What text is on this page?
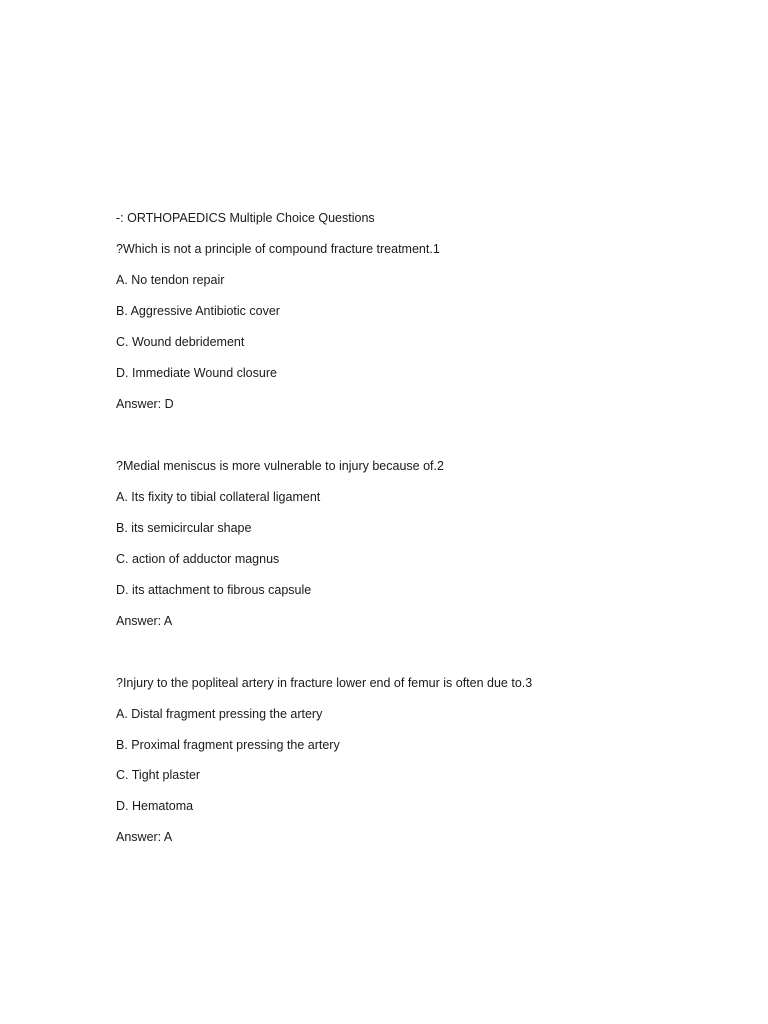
-: ORTHOPAEDICS Multiple Choice Questions
?Which is not a principle of compound fracture treatment.1
A. No tendon repair
B. Aggressive Antibiotic cover
C. Wound debridement
D. Immediate Wound closure
Answer: D
?Medial meniscus is more vulnerable to injury because of.2
A. Its fixity to tibial collateral ligament
B. its semicircular shape
C. action of adductor magnus
D. its attachment to fibrous capsule
Answer: A
?Injury to the popliteal artery in fracture lower end of femur is often due to.3
A. Distal fragment pressing the artery
B. Proximal fragment pressing the artery
C. Tight plaster
D. Hematoma
Answer: A
